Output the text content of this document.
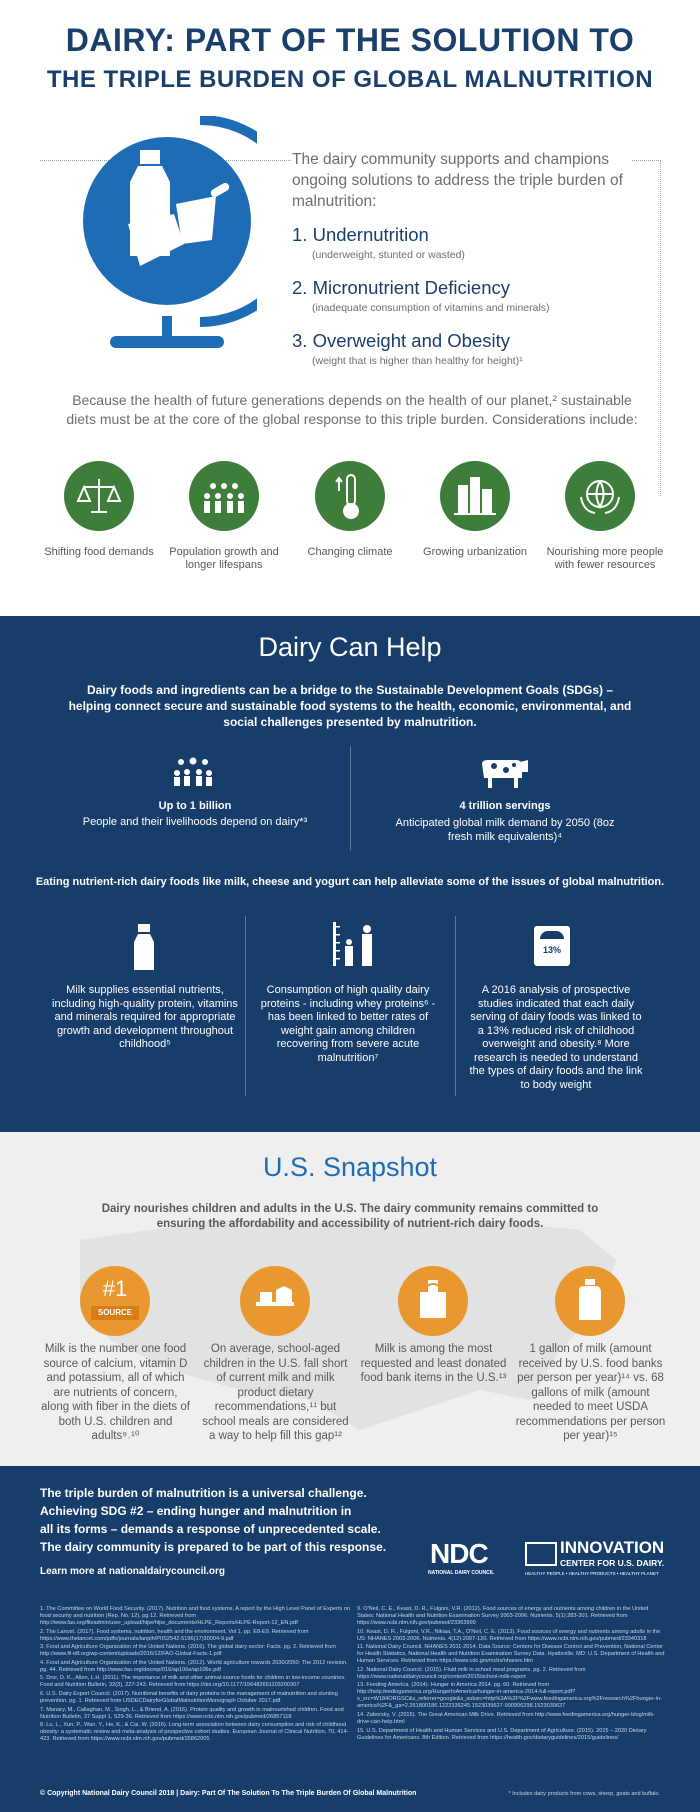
DAIRY: PART OF THE SOLUTION TO
THE TRIPLE BURDEN OF GLOBAL MALNUTRITION
The dairy community supports and champions ongoing solutions to address the triple burden of malnutrition:
1. Undernutrition
(underweight, stunted or wasted)
2. Micronutrient Deficiency
(inadequate consumption of vitamins and minerals)
3. Overweight and Obesity
(weight that is higher than healthy for height)¹
Because the health of future generations depends on the health of our planet,² sustainable diets must be at the core of the global response to this triple burden. Considerations include:
Shifting food demands	Population growth and longer lifespans
Changing climate	Growing urbanization Nourishing more people with fewer resources
Dairy Can Help
Dairy foods and ingredients can be a bridge to the Sustainable Development Goals (SDGs) – helping connect secure and sustainable food systems to the health, economic, environmental, and social challenges presented by malnutrition.
Up to 1 billion
People and their livelihoods depend on dairy*³
4 trillion servings
Anticipated global milk demand by 2050 (8oz fresh milk equivalents)⁴
Eating nutrient-rich dairy foods like milk, cheese and yogurt can help alleviate some of the issues of global malnutrition.
Milk supplies essential nutrients, including high-quality protein, vitamins and minerals required for appropriate growth and development throughout childhood⁵
Consumption of high quality dairy proteins - including whey proteins⁶ - has been linked to better rates of weight gain among children recovering from severe acute malnutrition⁷
13%
A 2016 analysis of prospective studies indicated that each daily serving of dairy foods was linked to a 13% reduced risk of childhood overweight and obesity.⁸ More research is needed to understand the types of dairy foods and the link to body weight
U.S. Snapshot
Dairy nourishes children and adults in the U.S. The dairy community remains committed to ensuring the affordability and accessibility of nutrient-rich dairy foods.
#1
SOURCE
Milk is the number one food source of calcium, vitamin D and potassium, all of which are nutrients of concern, along with fiber in the diets of both U.S. children and adults⁹˒¹⁰
On average, school-aged children in the U.S. fall short of current milk and milk product dietary recommendations,¹¹ but school meals are considered a way to help fill this gap¹²
Milk is among the most requested and least donated food bank items in the U.S.¹³
1 gallon of milk (amount received by U.S. food banks per person per year)¹⁴ vs. 68 gallons of milk (amount needed to meet USDA recommendations per person per year)¹⁵
The triple burden of malnutrition is a universal challenge.
Achieving SDG #2 – ending hunger and malnutrition in
all its forms – demands a response of unprecedented scale.
The dairy community is prepared to be part of this response.
Learn more at nationaldairycouncil.org
NDC
NATIONAL DAIRY COUNCIL
INNOVATION
CENTER FOR U.S. DAIRY.
HEALTHY PEOPLE • HEALTHY PRODUCTS • HEALTHY PLANET
1. The Committee on World Food Security. (2017). Nutrition and food systems. A report by the High Level Panel of Experts on food security and nutrition (Rep. No. 12). pg 12. Retrieved from http://www.fao.org/fileadmin/user_upload/hlpe/hlpe_documents/HLPE_Reports/HLPE-Report-12_EN.pdf
2. The Lancet. (2017). Food systems, nutrition, health and the environment. Vol 1. pp. E8-E9. Retrieved from https://www.thelancet.com/pdfs/journals/lanplh/PIIS2542-5196(17)30004-9.pdf
3. Food and Agriculture Organization of the United Nations. (2016). The global dairy sector: Facts. pg. 2. Retrieved from http://www.fil-idf.org/wp-content/uploads/2016/12/FAO-Global-Facts-1.pdf
4. Food and Agriculture Organization of the United Nations. (2012). World agriculture towards 2030/2050: The 2012 revision. pg. 44. Retrieved from http://www.fao.org/docrep/016/ap106e/ap106e.pdf
5. Dror, D. K., Allen, L.H. (2011). The importance of milk and other animal-source foods for children in low-income countries. Food and Nutrition Bulletin, 32(3), 227-243. Retrieved from https://doi.org/10.1177/156482651103200307
6. U.S. Dairy Export Council. (2017). Nutritional benefits of dairy proteins in the management of malnutrition and stunting prevention. pg. 1. Retrieved from USDECDairyforGlobalMalnutritionMonograph October 2017.pdf
7. Manary, M., Callaghan, M., Singh, L., & Briend, A. (2016). Protein quality and growth in malnourished children. Food and Nutrition Bulletin, 37 Suppl 1, S29-36. Retrieved from https://www.ncbi.nlm.nih.gov/pubmed/26857118
8. Lu, L., Xun, P., Wan, Y., He, K., & Cai, W. (2016). Long-term association between dairy consumption and risk of childhood obesity: a systematic review and meta-analysis of prospective cohort studies. European Journal of Clinical Nutrition, 70, 414-423. Retrieved from https://www.ncbi.nlm.nih.gov/pubmed/26862005
9. O'Neil, C. E., Keast, D. R., Fulgoni, V.R. (2012). Food sources of energy and nutrients among children in the United States: National Health and Nutrition Examination Survey 2003-2006. Nutrients. 5(1):283-301. Retrieved from https://www.ncbi.nlm.nih.gov/pubmed/23363999
10. Keast, D. R., Fulgoni, V.R., Nikiaa, T.A., O'Neil, C. E. (2013). Food sources of energy and nutrients among adults in the US: NHANES 2003-2006. Nutrients. 4(12):2097-120. Retrieved from https://www.ncbi.nlm.nih.gov/pubmed/23340318
11. National Dairy Council. NHANES 2011-2014. Data Source: Centers for Disease Control and Prevention, National Center for Health Statistics, National Health and Nutrition Examination Survey Data. Hyattsville, MD: U.S. Department of Health and Human Services. Retrieved from https://www.cdc.gov/nchs/nhanes.htm
12. National Dairy Council. (2015). Fluid milk in school meal programs. pg. 2. Retrieved from https://www.nationaldairycouncil.org/content/2015/school-milk-report
13. Feeding America. (2014). Hunger in America 2014. pg. 60. Retrieved from http://help.feedingamerica.org/HungerInAmerica/hunger-in-america-2014-full-report.pdf?s_src=W184ORGSC&s_referrer=google&s_subsrc=http%3A%2F%2Fwww.feedingamerica.org%2Fresearch%2Fhunger-in-america%2F&_ga=2.261800186.1222336245.1523039627-990906298.1523039627
14. Zaborsky, V. (2015). The Great American Milk Drive. Retrieved from http://www.feedingamerica.org/hunger-blog/milk-drive-can-help.html
15. U.S. Department of Health and Human Services and U.S. Department of Agriculture. (2015). 2015 – 2020 Dietary Guidelines for Americans. 8th Edition. Retrieved from https://health.gov/dietaryguidelines/2015/guidelines/
© Copyright National Dairy Council 2018 | Dairy: Part Of The Solution To The Triple Burden Of Global Malnutrition	* Includes dairy products from cows, sheep, goats and buffalo.
